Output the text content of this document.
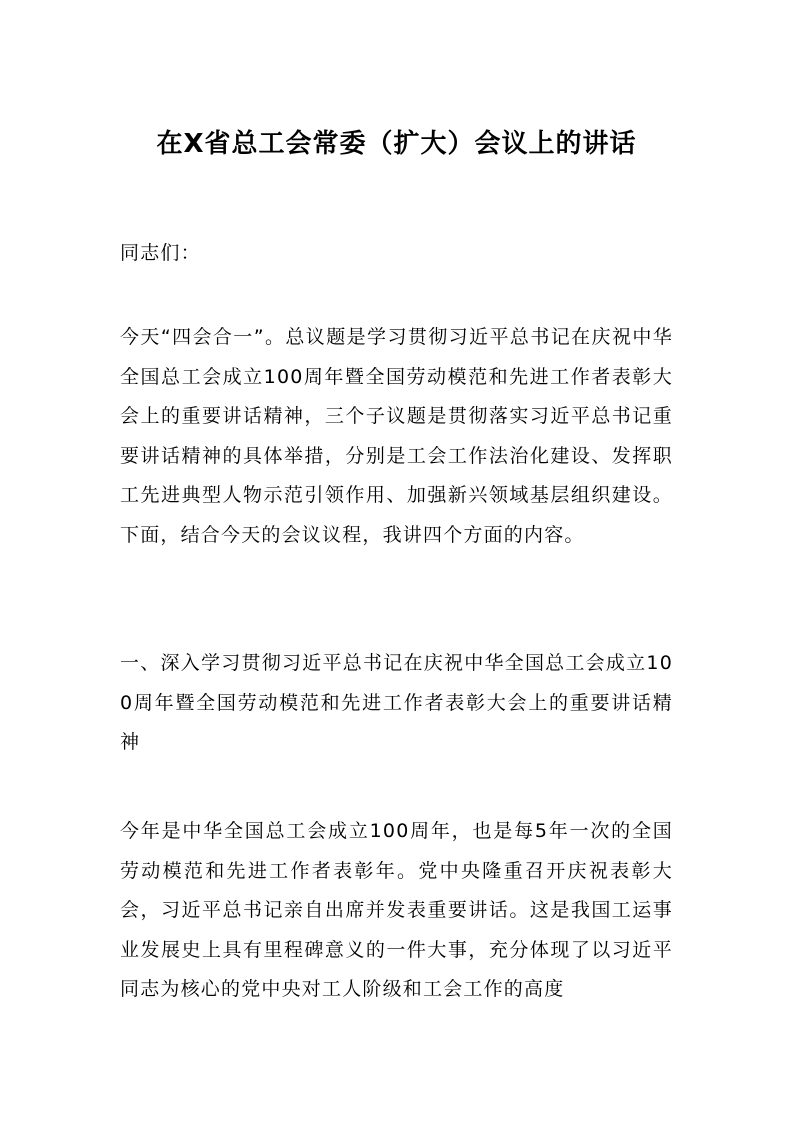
在X省总工会常委（扩大）会议上的讲话

同志们：

今天“四会合一”。总议题是学习贯彻习近平总书记在庆祝中华全国总工会成立100周年暨全国劳动模范和先进工作者表彰大会上的重要讲话精神，三个子议题是贯彻落实习近平总书记重要讲话精神的具体举措，分别是工会工作法治化建设、发挥职工先进典型人物示范引领作用、加强新兴领域基层组织建设。下面，结合今天的会议议程，我讲四个方面的内容。

一、深入学习贯彻习近平总书记在庆祝中华全国总工会成立100周年暨全国劳动模范和先进工作者表彰大会上的重要讲话精神

今年是中华全国总工会成立100周年，也是每5年一次的全国劳动模范和先进工作者表彰年。党中央隆重召开庆祝表彰大会，习近平总书记亲自出席并发表重要讲话。这是我国工运事业发展史上具有里程碑意义的一件大事，充分体现了以习近平同志为核心的党中央对工人阶级和工会工作的高度
